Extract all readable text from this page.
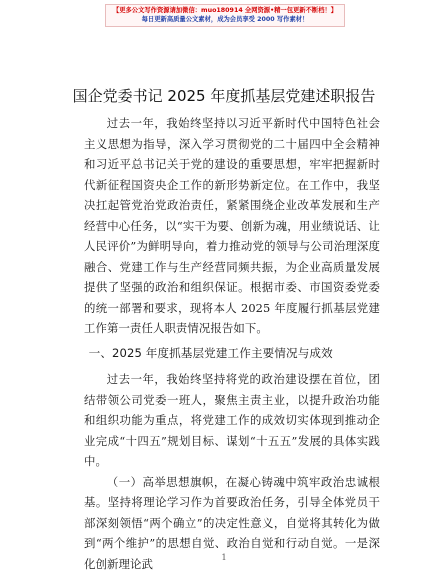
【更多公文写作资源请加微信：muo180914 全网资源•精一包更新不断档！】
每日更新高质量公文素材，成为会员享受 2000 写作素材！
国企党委书记 2025 年度抓基层党建述职报告

过去一年，我始终坚持以习近平新时代中国特色社会主义思想为指导，深入学习贯彻党的二十届四中全会精神和习近平总书记关于党的建设的重要思想，牢牢把握新时代新征程国资央企工作的新形势新定位。在工作中，我坚决扛起管党治党政治责任，紧紧围绕企业改革发展和生产经营中心任务，以“实干为要、创新为魂，用业绩说话、让人民评价”为鲜明导向，着力推动党的领导与公司治理深度融合、党建工作与生产经营同频共振，为企业高质量发展提供了坚强的政治和组织保证。根据市委、市国资委党委的统一部署和要求，现将本人 2025 年度履行抓基层党建工作第一责任人职责情况报告如下。

一、2025 年度抓基层党建工作主要情况与成效

过去一年，我始终坚持将党的政治建设摆在首位，团结带领公司党委一班人，聚焦主责主业，以提升政治功能和组织功能为重点，将党建工作的成效切实体现到推动企业完成“十四五”规划目标、谋划“十五五”发展的具体实践中。

（一）高举思想旗帜，在凝心铸魂中筑牢政治忠诚根基。坚持将理论学习作为首要政治任务，引导全体党员干部深刻领悟“两个确立”的决定性意义，自觉将其转化为做到“两个维护”的思想自觉、政治自觉和行动自觉。一是深化创新理论武	1
